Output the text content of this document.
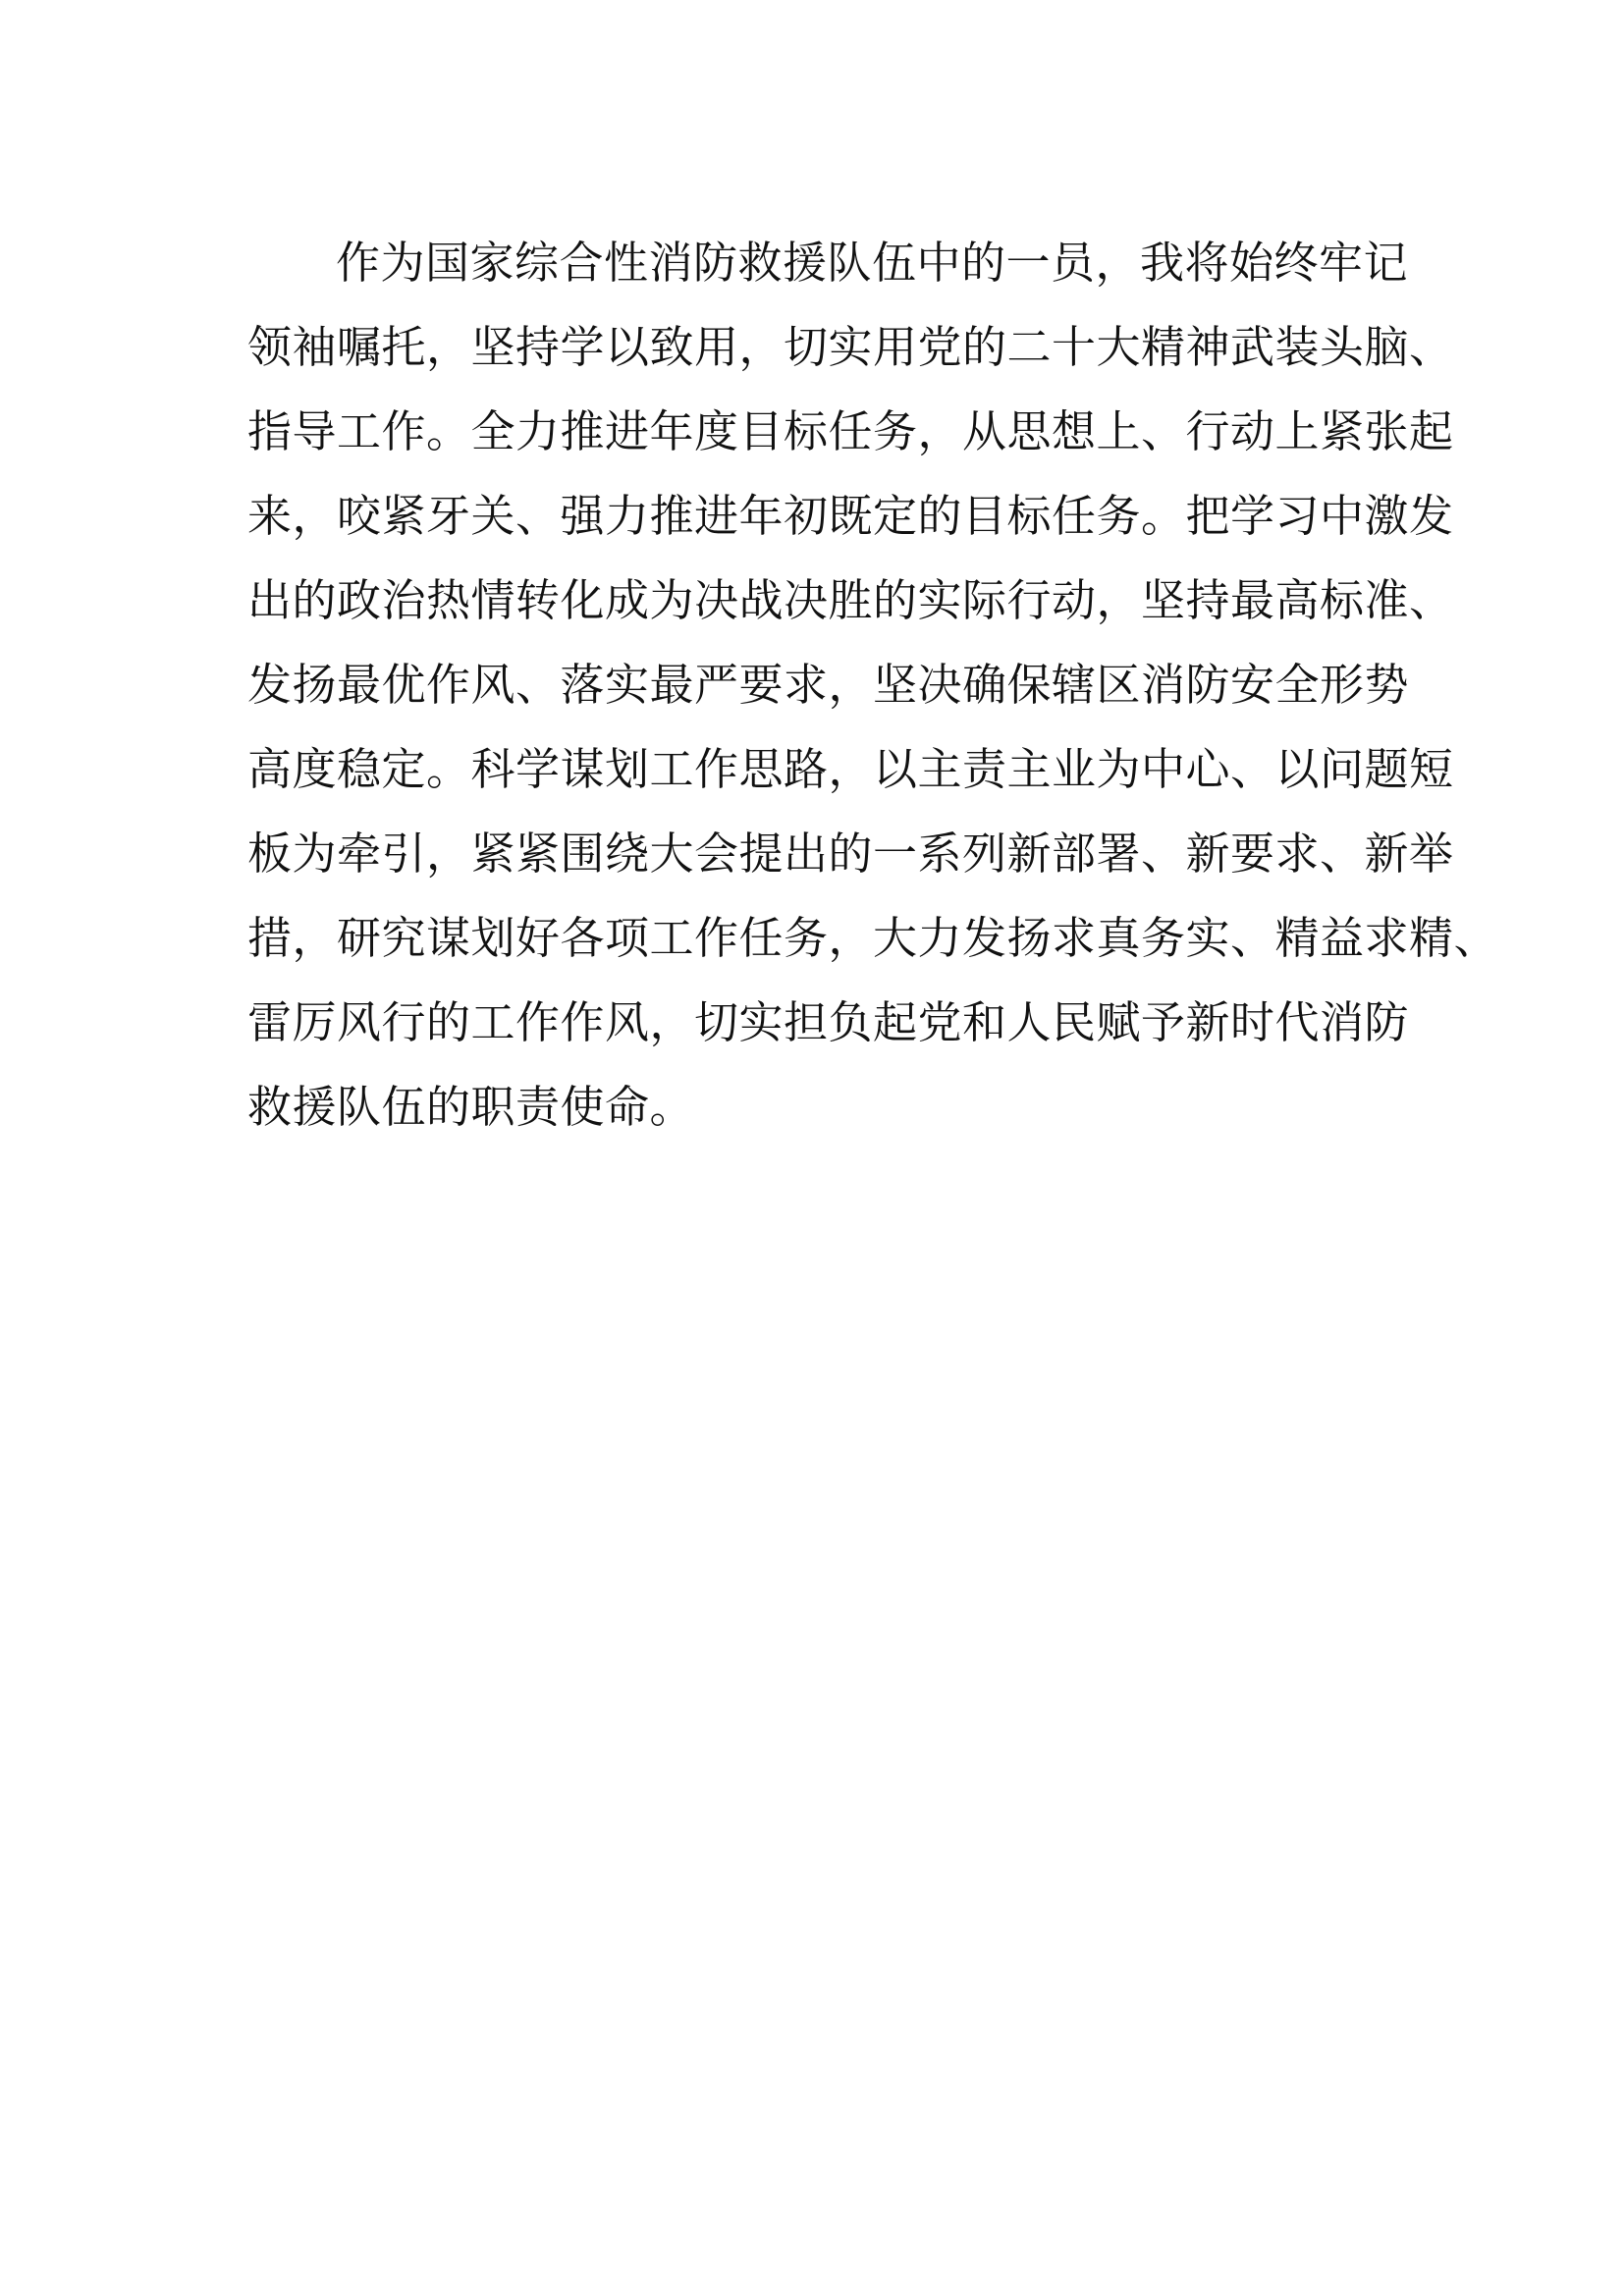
作为国家综合性消防救援队伍中的一员，我将始终牢记
领袖嘱托，坚持学以致用，切实用党的二十大精神武装头脑、
指导工作。全力推进年度目标任务，从思想上、行动上紧张起
来，咬紧牙关、强力推进年初既定的目标任务。把学习中激发
出的政治热情转化成为决战决胜的实际行动，坚持最高标准、
发扬最优作风、落实最严要求，坚决确保辖区消防安全形势
高度稳定。科学谋划工作思路，以主责主业为中心、以问题短
板为牵引，紧紧围绕大会提出的一系列新部署、新要求、新举
措，研究谋划好各项工作任务，大力发扬求真务实、精益求精、
雷厉风行的工作作风，切实担负起党和人民赋予新时代消防
救援队伍的职责使命。
